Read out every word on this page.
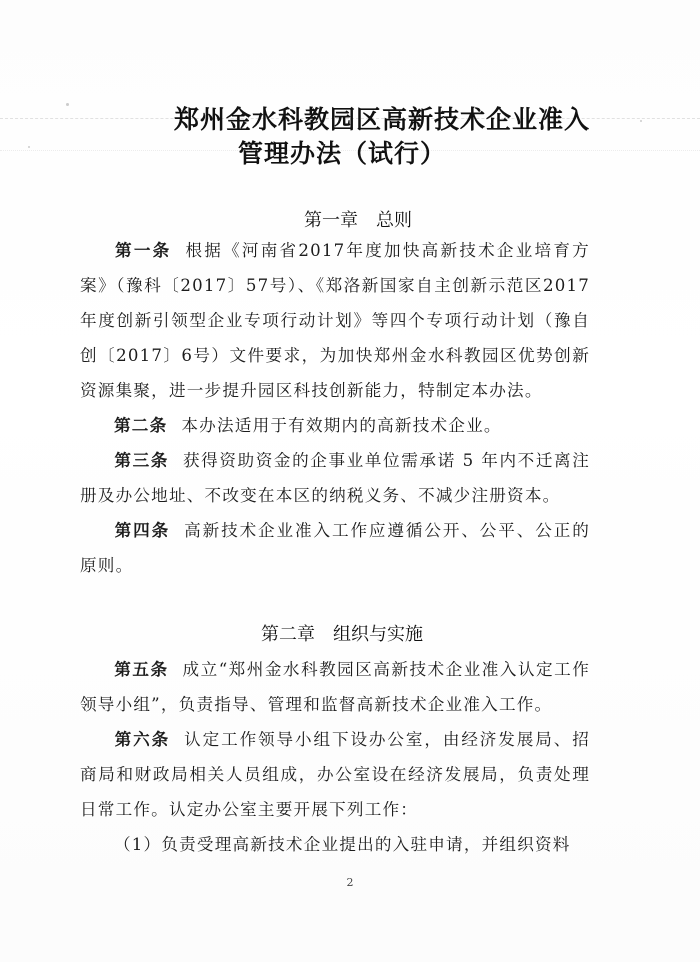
郑州金水科教园区高新技术企业准入
管理办法（试行）
第一章 总则
第一条 根据《河南省2017年度加快高新技术企业培育方案》（豫科〔2017〕57号）、《郑洛新国家自主创新示范区2017年度创新引领型企业专项行动计划》等四个专项行动计划（豫自创〔2017〕6号）文件要求，为加快郑州金水科教园区优势创新资源集聚，进一步提升园区科技创新能力，特制定本办法。
第二条 本办法适用于有效期内的高新技术企业。
第三条 获得资助资金的企事业单位需承诺 5 年内不迁离注册及办公地址、不改变在本区的纳税义务、不减少注册资本。
第四条 高新技术企业准入工作应遵循公开、公平、公正的原则。
第二章 组织与实施
第五条 成立“郑州金水科教园区高新技术企业准入认定工作领导小组”，负责指导、管理和监督高新技术企业准入工作。
第六条 认定工作领导小组下设办公室，由经济发展局、招商局和财政局相关人员组成，办公室设在经济发展局，负责处理日常工作。认定办公室主要开展下列工作：
（1）负责受理高新技术企业提出的入驻申请，并组织资料
2
